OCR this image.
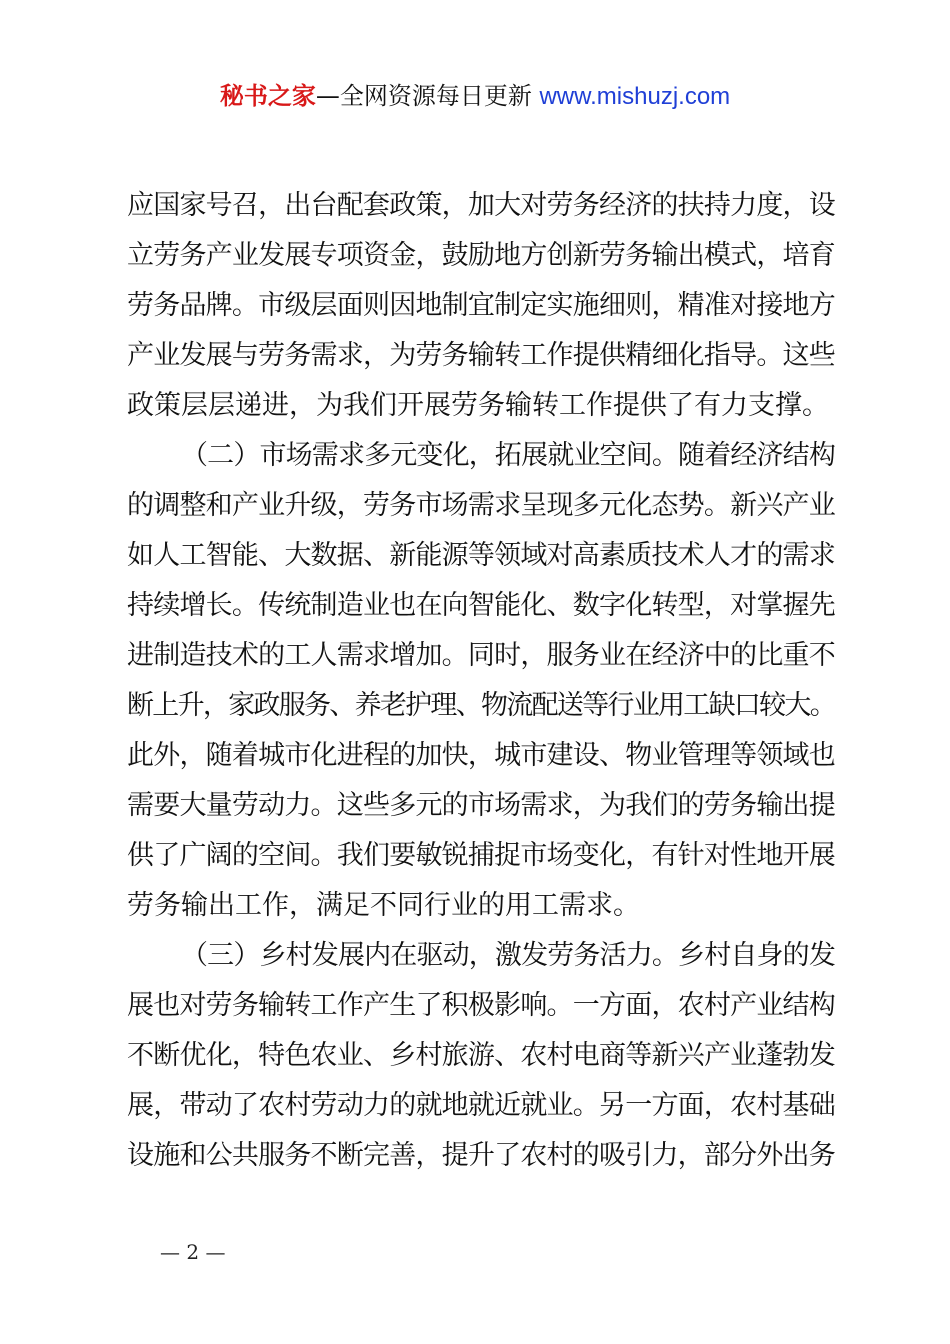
秘书之家—全网资源每日更新 www.mishuzj.com
应国家号召，出台配套政策，加大对劳务经济的扶持力度，设
立劳务产业发展专项资金，鼓励地方创新劳务输出模式，培育
劳务品牌。市级层面则因地制宜制定实施细则，精准对接地方
产业发展与劳务需求，为劳务输转工作提供精细化指导。这些
政策层层递进，为我们开展劳务输转工作提供了有力支撑。
（二）市场需求多元变化，拓展就业空间。随着经济结构
的调整和产业升级，劳务市场需求呈现多元化态势。新兴产业
如人工智能、大数据、新能源等领域对高素质技术人才的需求
持续增长。传统制造业也在向智能化、数字化转型，对掌握先
进制造技术的工人需求增加。同时，服务业在经济中的比重不
断上升，家政服务、养老护理、物流配送等行业用工缺口较大。
此外，随着城市化进程的加快，城市建设、物业管理等领域也
需要大量劳动力。这些多元的市场需求，为我们的劳务输出提
供了广阔的空间。我们要敏锐捕捉市场变化，有针对性地开展
劳务输出工作，满足不同行业的用工需求。
（三）乡村发展内在驱动，激发劳务活力。乡村自身的发
展也对劳务输转工作产生了积极影响。一方面，农村产业结构
不断优化，特色农业、乡村旅游、农村电商等新兴产业蓬勃发
展，带动了农村劳动力的就地就近就业。另一方面，农村基础
设施和公共服务不断完善，提升了农村的吸引力，部分外出务
— 2 —
